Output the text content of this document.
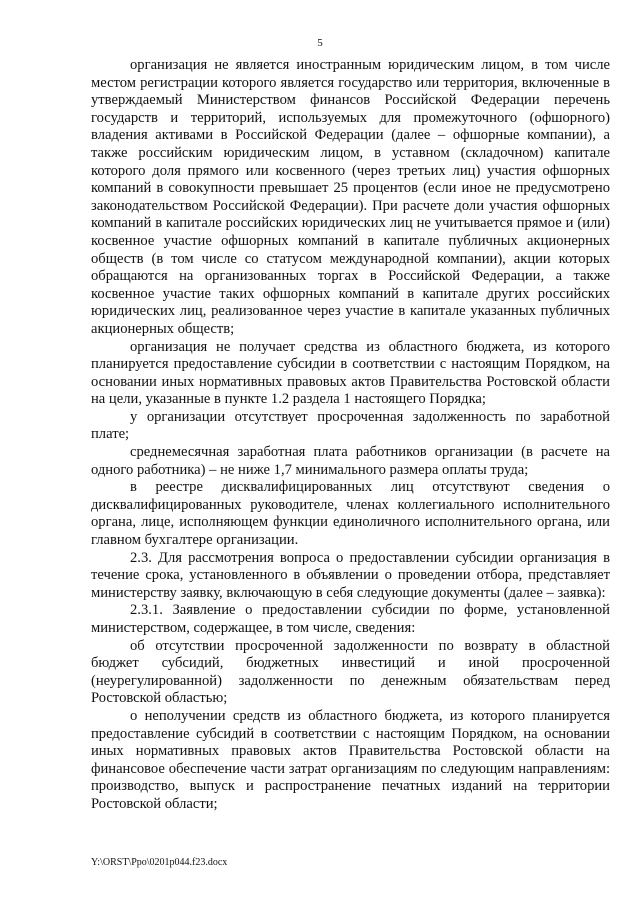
5

организация не является иностранным юридическим лицом, в том числе местом регистрации которого является государство или территория, включенные в утверждаемый Министерством финансов Российской Федерации перечень государств и территорий, используемых для промежуточного (офшорного) владения активами в Российской Федерации (далее – офшорные компании), а также российским юридическим лицом, в уставном (складочном) капитале которого доля прямого или косвенного (через третьих лиц) участия офшорных компаний в совокупности превышает 25 процентов (если иное не предусмотрено законодательством Российской Федерации). При расчете доли участия офшорных компаний в капитале российских юридических лиц не учитывается прямое и (или) косвенное участие офшорных компаний в капитале публичных акционерных обществ (в том числе со статусом международной компании), акции которых обращаются на организованных торгах в Российской Федерации, а также косвенное участие таких офшорных компаний в капитале других российских юридических лиц, реализованное через участие в капитале указанных публичных акционерных обществ;

организация не получает средства из областного бюджета, из которого планируется предоставление субсидии в соответствии с настоящим Порядком, на основании иных нормативных правовых актов Правительства Ростовской области на цели, указанные в пункте 1.2 раздела 1 настоящего Порядка;

у организации отсутствует просроченная задолженность по заработной плате;

среднемесячная заработная плата работников организации (в расчете на одного работника) – не ниже 1,7 минимального размера оплаты труда;

в реестре дисквалифицированных лиц отсутствуют сведения о дисквалифицированных руководителе, членах коллегиального исполнительного органа, лице, исполняющем функции единоличного исполнительного органа, или главном бухгалтере организации.

2.3. Для рассмотрения вопроса о предоставлении субсидии организация в течение срока, установленного в объявлении о проведении отбора, представляет министерству заявку, включающую в себя следующие документы (далее – заявка):

2.3.1. Заявление о предоставлении субсидии по форме, установленной министерством, содержащее, в том числе, сведения:

об отсутствии просроченной задолженности по возврату в областной бюджет субсидий, бюджетных инвестиций и иной просроченной (неурегулированной) задолженности по денежным обязательствам перед Ростовской областью;

о неполучении средств из областного бюджета, из которого планируется предоставление субсидий в соответствии с настоящим Порядком, на основании иных нормативных правовых актов Правительства Ростовской области на финансовое обеспечение части затрат организациям по следующим направлениям: производство, выпуск и распространение печатных изданий на территории Ростовской области;

Y:\ORST\Ppo\0201p044.f23.docx
